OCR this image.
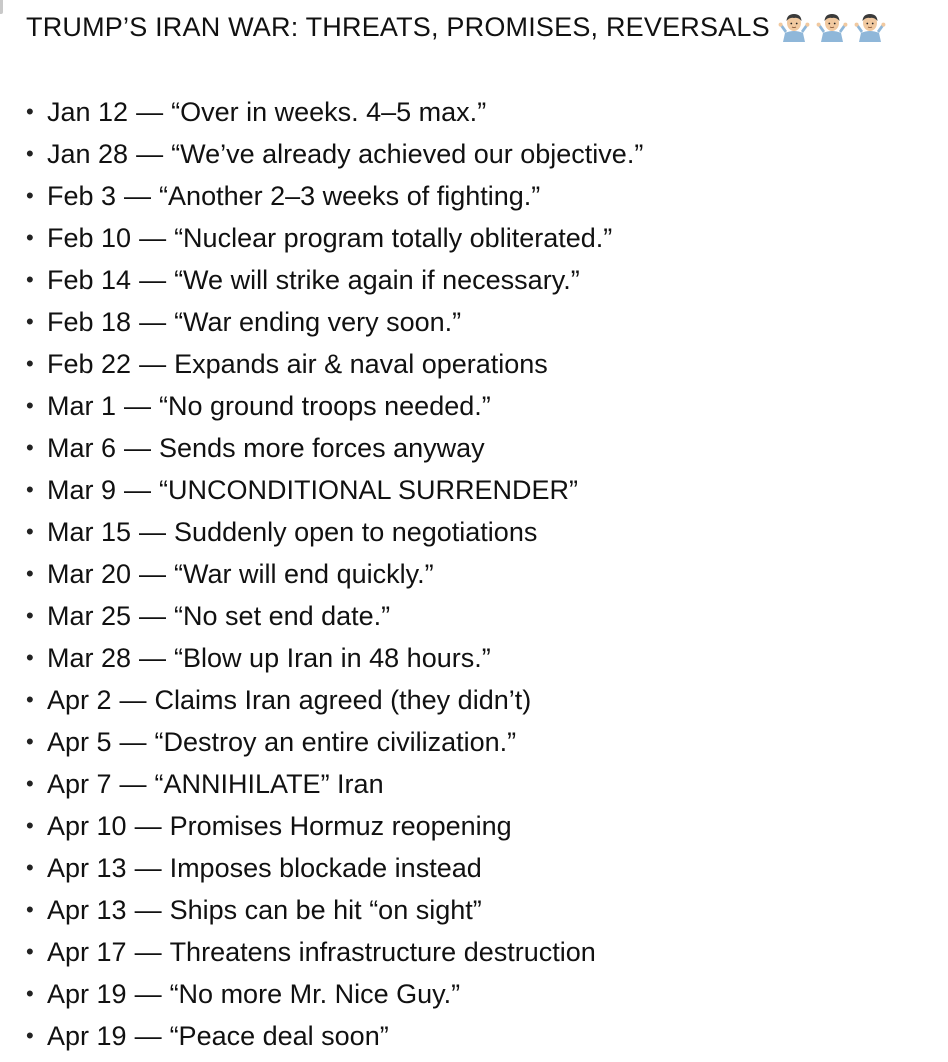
TRUMP’S IRAN WAR: THREATS, PROMISES, REVERSALS
• Jan 12 — “Over in weeks. 4–5 max.”
• Jan 28 — “We’ve already achieved our objective.”
• Feb 3 — “Another 2–3 weeks of fighting.”
• Feb 10 — “Nuclear program totally obliterated.”
• Feb 14 — “We will strike again if necessary.”
• Feb 18 — “War ending very soon.”
• Feb 22 — Expands air & naval operations
• Mar 1 — “No ground troops needed.”
• Mar 6 — Sends more forces anyway
• Mar 9 — “UNCONDITIONAL SURRENDER”
• Mar 15 — Suddenly open to negotiations
• Mar 20 — “War will end quickly.”
• Mar 25 — “No set end date.”
• Mar 28 — “Blow up Iran in 48 hours.”
• Apr 2 — Claims Iran agreed (they didn’t)
• Apr 5 — “Destroy an entire civilization.”
• Apr 7 — “ANNIHILATE” Iran
• Apr 10 — Promises Hormuz reopening
• Apr 13 — Imposes blockade instead
• Apr 13 — Ships can be hit “on sight”
• Apr 17 — Threatens infrastructure destruction
• Apr 19 — “No more Mr. Nice Guy.”
• Apr 19 — “Peace deal soon”
